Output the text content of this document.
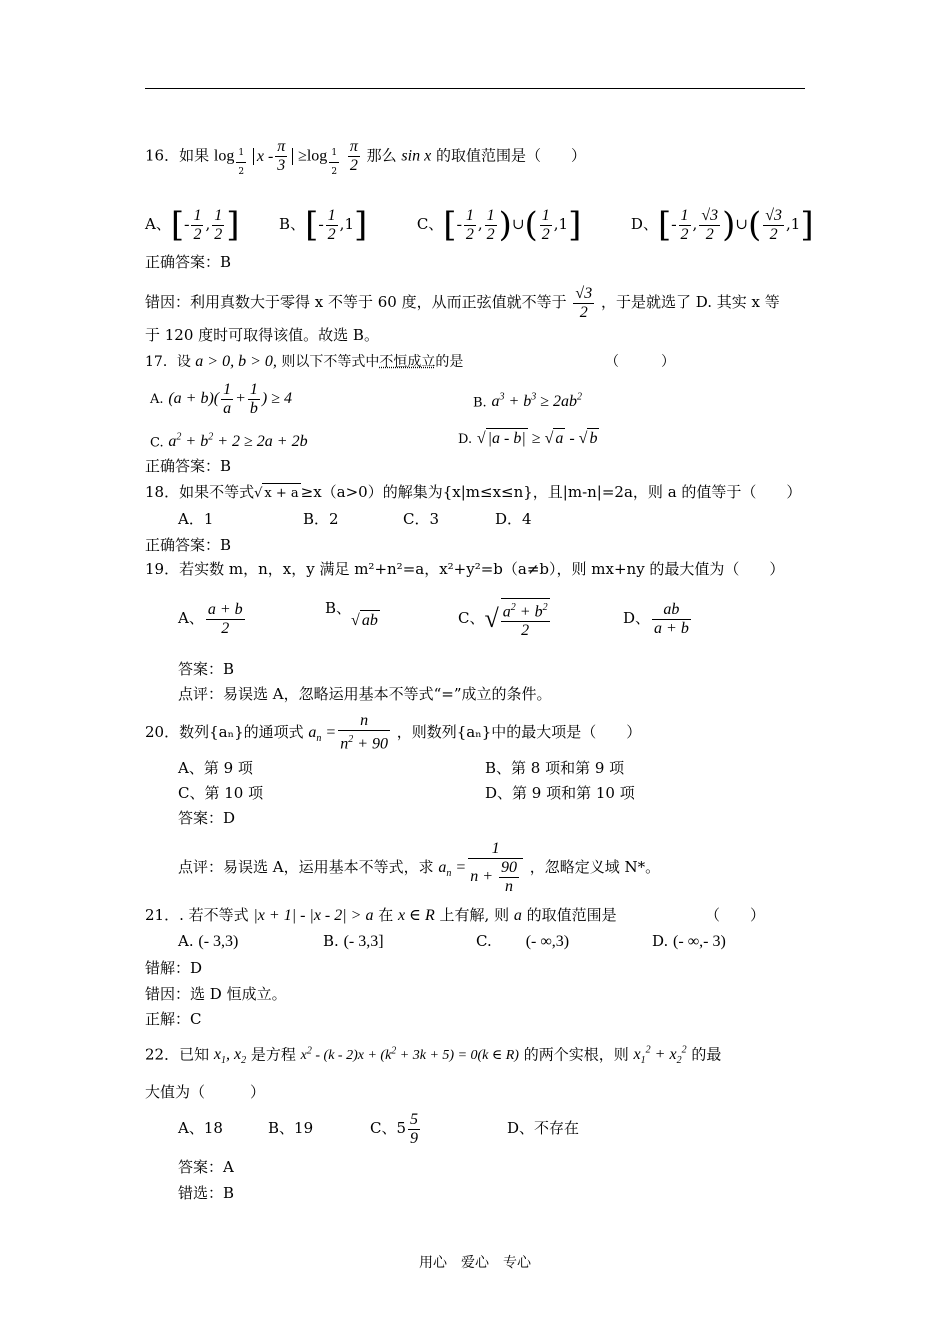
16．如果 log $_{\frac{1}{2}}$ $x - \frac{\pi}{3} \ge\log$ $_{\frac{1}{2}}$
$\frac{\pi}{2}$ 那么 sin x 的取值范围是（　　）
A、[- $\frac{1}{2}$ , $\frac{1}{2}$ ]	B、[- $\frac{1}{2} ,1$]	C、[- $\frac{1}{2}$ , $\frac{1}{2}$ )∪( $\frac{1}{2} ,1$]	D、[- $\frac{1}{2}$ , $\frac{√3}{2}$ )∪( $\frac{√3}{2} ,1$]
正确答案：B
错因：利用真数大于零得 x 不等于 60 度，从而正弦值就不等于 $\frac{√3}{2}$ ，于是就选了 D. 其实 x 等
于 120 度时可取得该值。故选 B。
17．设 a > 0, b > 0, 则以下不等式中不恒成立的是	（　　　）
A. $(a + b)( \frac{1}{a} + \frac{1}{b}$ ) ≥ 4	B. $a^3 + b^3 \ge 2ab^2$
C. $a^2 + b^2 + 2 \ge 2a + 2b$	D. √ |a - b| ≥ √ a - √ b
正确答案：B
18．如果不等式√ x + a ≥x（a>0）的解集为{x|m≤x≤n}，且|m-n|=2a，则 a 的值等于（　　）
A．1	B．2	C．3	D．4
正确答案：B
19．若实数 m，n，x，y 满足 m²+n²=a，x²+y²=b（a≠b），则 mx+ny 的最大值为（　　）
A、 $\frac{a + b}{2}$	B、√ ab	C、√ $\frac{a^2 + b^2}{2}$	D、 $\frac{ab}{a + b}$
答案：B
点评：易误选 A，忽略运用基本不等式“=”成立的条件。
20．数列{aₙ}的通项式 $a_n = \frac{n}{n^2 + 90}$ ，则数列{aₙ}中的最大项是（　　）
A、第 9 项	B、第 8 项和第 9 项
C、第 10 项	D、第 9 项和第 10 项
答案：D
点评：易误选 A，运用基本不等式，求 $a_n = \frac{1}{n + \frac{90}{n}}$ ，忽略定义域 N*。
21．. 若不等式 |x + 1| - |x - 2| > a 在 x ∈ R 上有解, 则 a 的取值范围是	（　　）
A. (- 3,3)	B. (- 3,3]	C. (- ∞,3)	D. (- ∞,- 3)
错解：D
错因：选 D 恒成立。
正解：C
22．已知 $x_1$, $x_2$ 是方程 $x^2 - (k - 2)x + (k^2 + 3k + 5) = 0(k$ ∈ R) 的两个实根，则 $x_1^2 + x_2^2$ 的最
大值为（　　　）
A、18	B、19	C、$5 \frac{5}{9}$	D、不存在
答案：A
错选：B
用心　爱心　专心
